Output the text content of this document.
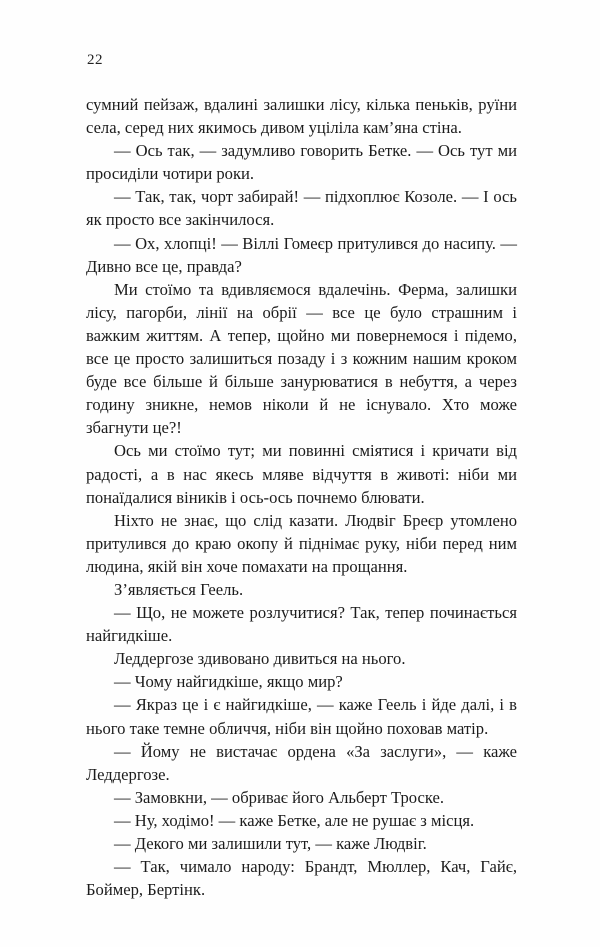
22

сумний пейзаж, вдалині залишки лісу, кілька пеньків, руїни села, серед них якимось дивом уціліла кам’яна стіна.

— Ось так, — задумливо говорить Бетке. — Ось тут ми просиділи чотири роки.

— Так, так, чорт забирай! — підхоплює Козоле. — І ось як просто все закінчилося.

— Ох, хлопці! — Віллі Гомеєр притулився до насипу. — Дивно все це, правда?

Ми стоїмо та вдивляємося вдалечінь. Ферма, залишки лісу, пагорби, лінії на обрії — все це було страшним і важким життям. А тепер, щойно ми повернемося і підемо, все це просто залишиться позаду і з кожним нашим кроком буде все більше й більше занурюватися в небуття, а через годину зникне, немов ніколи й не існувало. Хто може збагнути це?!

Ось ми стоїмо тут; ми повинні сміятися і кричати від радості, а в нас якесь мляве відчуття в животі: ніби ми понаїдалися віників і ось-ось почнемо блювати.

Ніхто не знає, що слід казати. Людвіг Бреєр утомлено притулився до краю окопу й піднімає руку, ніби перед ним людина, якій він хоче помахати на прощання.

З’являється Геель.

— Що, не можете розлучитися? Так, тепер починається найгидкіше.

Леддергозе здивовано дивиться на нього.

— Чому найгидкіше, якщо мир?

— Якраз це і є найгидкіше, — каже Геель і йде далі, і в нього таке темне обличчя, ніби він щойно поховав матір.

— Йому не вистачає ордена «За заслуги», — каже Леддергозе.

— Замовкни, — обриває його Альберт Троске.

— Ну, ходімо! — каже Бетке, але не рушає з місця.

— Декого ми залишили тут, — каже Людвіг.

— Так, чимало народу: Брандт, Мюллер, Кач, Гайє, Боймер, Бертінк.
